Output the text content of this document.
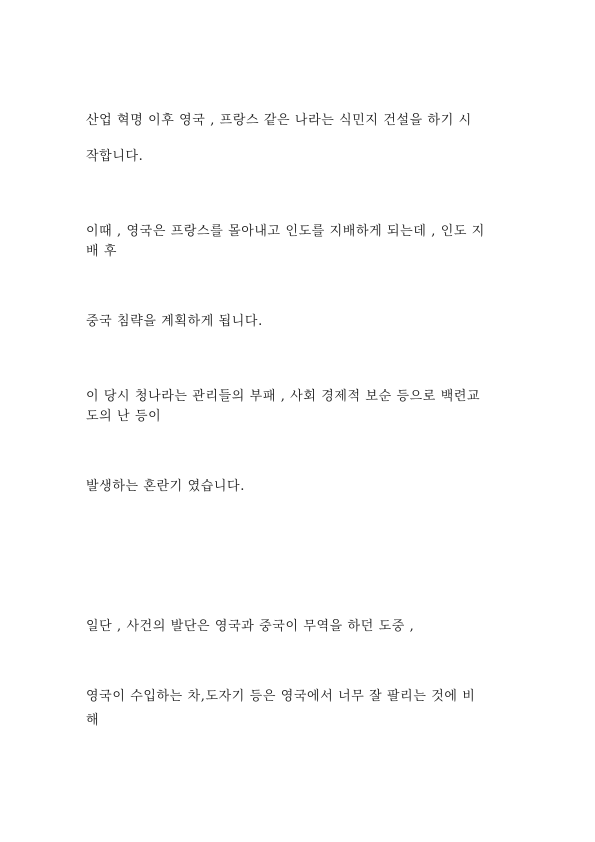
산업 혁명 이후 영국 , 프랑스 같은 나라는 식민지 건설을 하기 시
작합니다.
이때 , 영국은 프랑스를 몰아내고 인도를 지배하게 되는데 , 인도 지
배 후
중국 침략을 계획하게 됩니다.
이 당시 청나라는 관리들의 부패 , 사회 경제적 보순 등으로 백련교
도의 난 등이
발생하는 혼란기 였습니다.
일단 , 사건의 발단은 영국과 중국이 무역을 하던 도중 ,
영국이 수입하는 차,도자기 등은 영국에서 너무 잘 팔리는 것에 비
해
